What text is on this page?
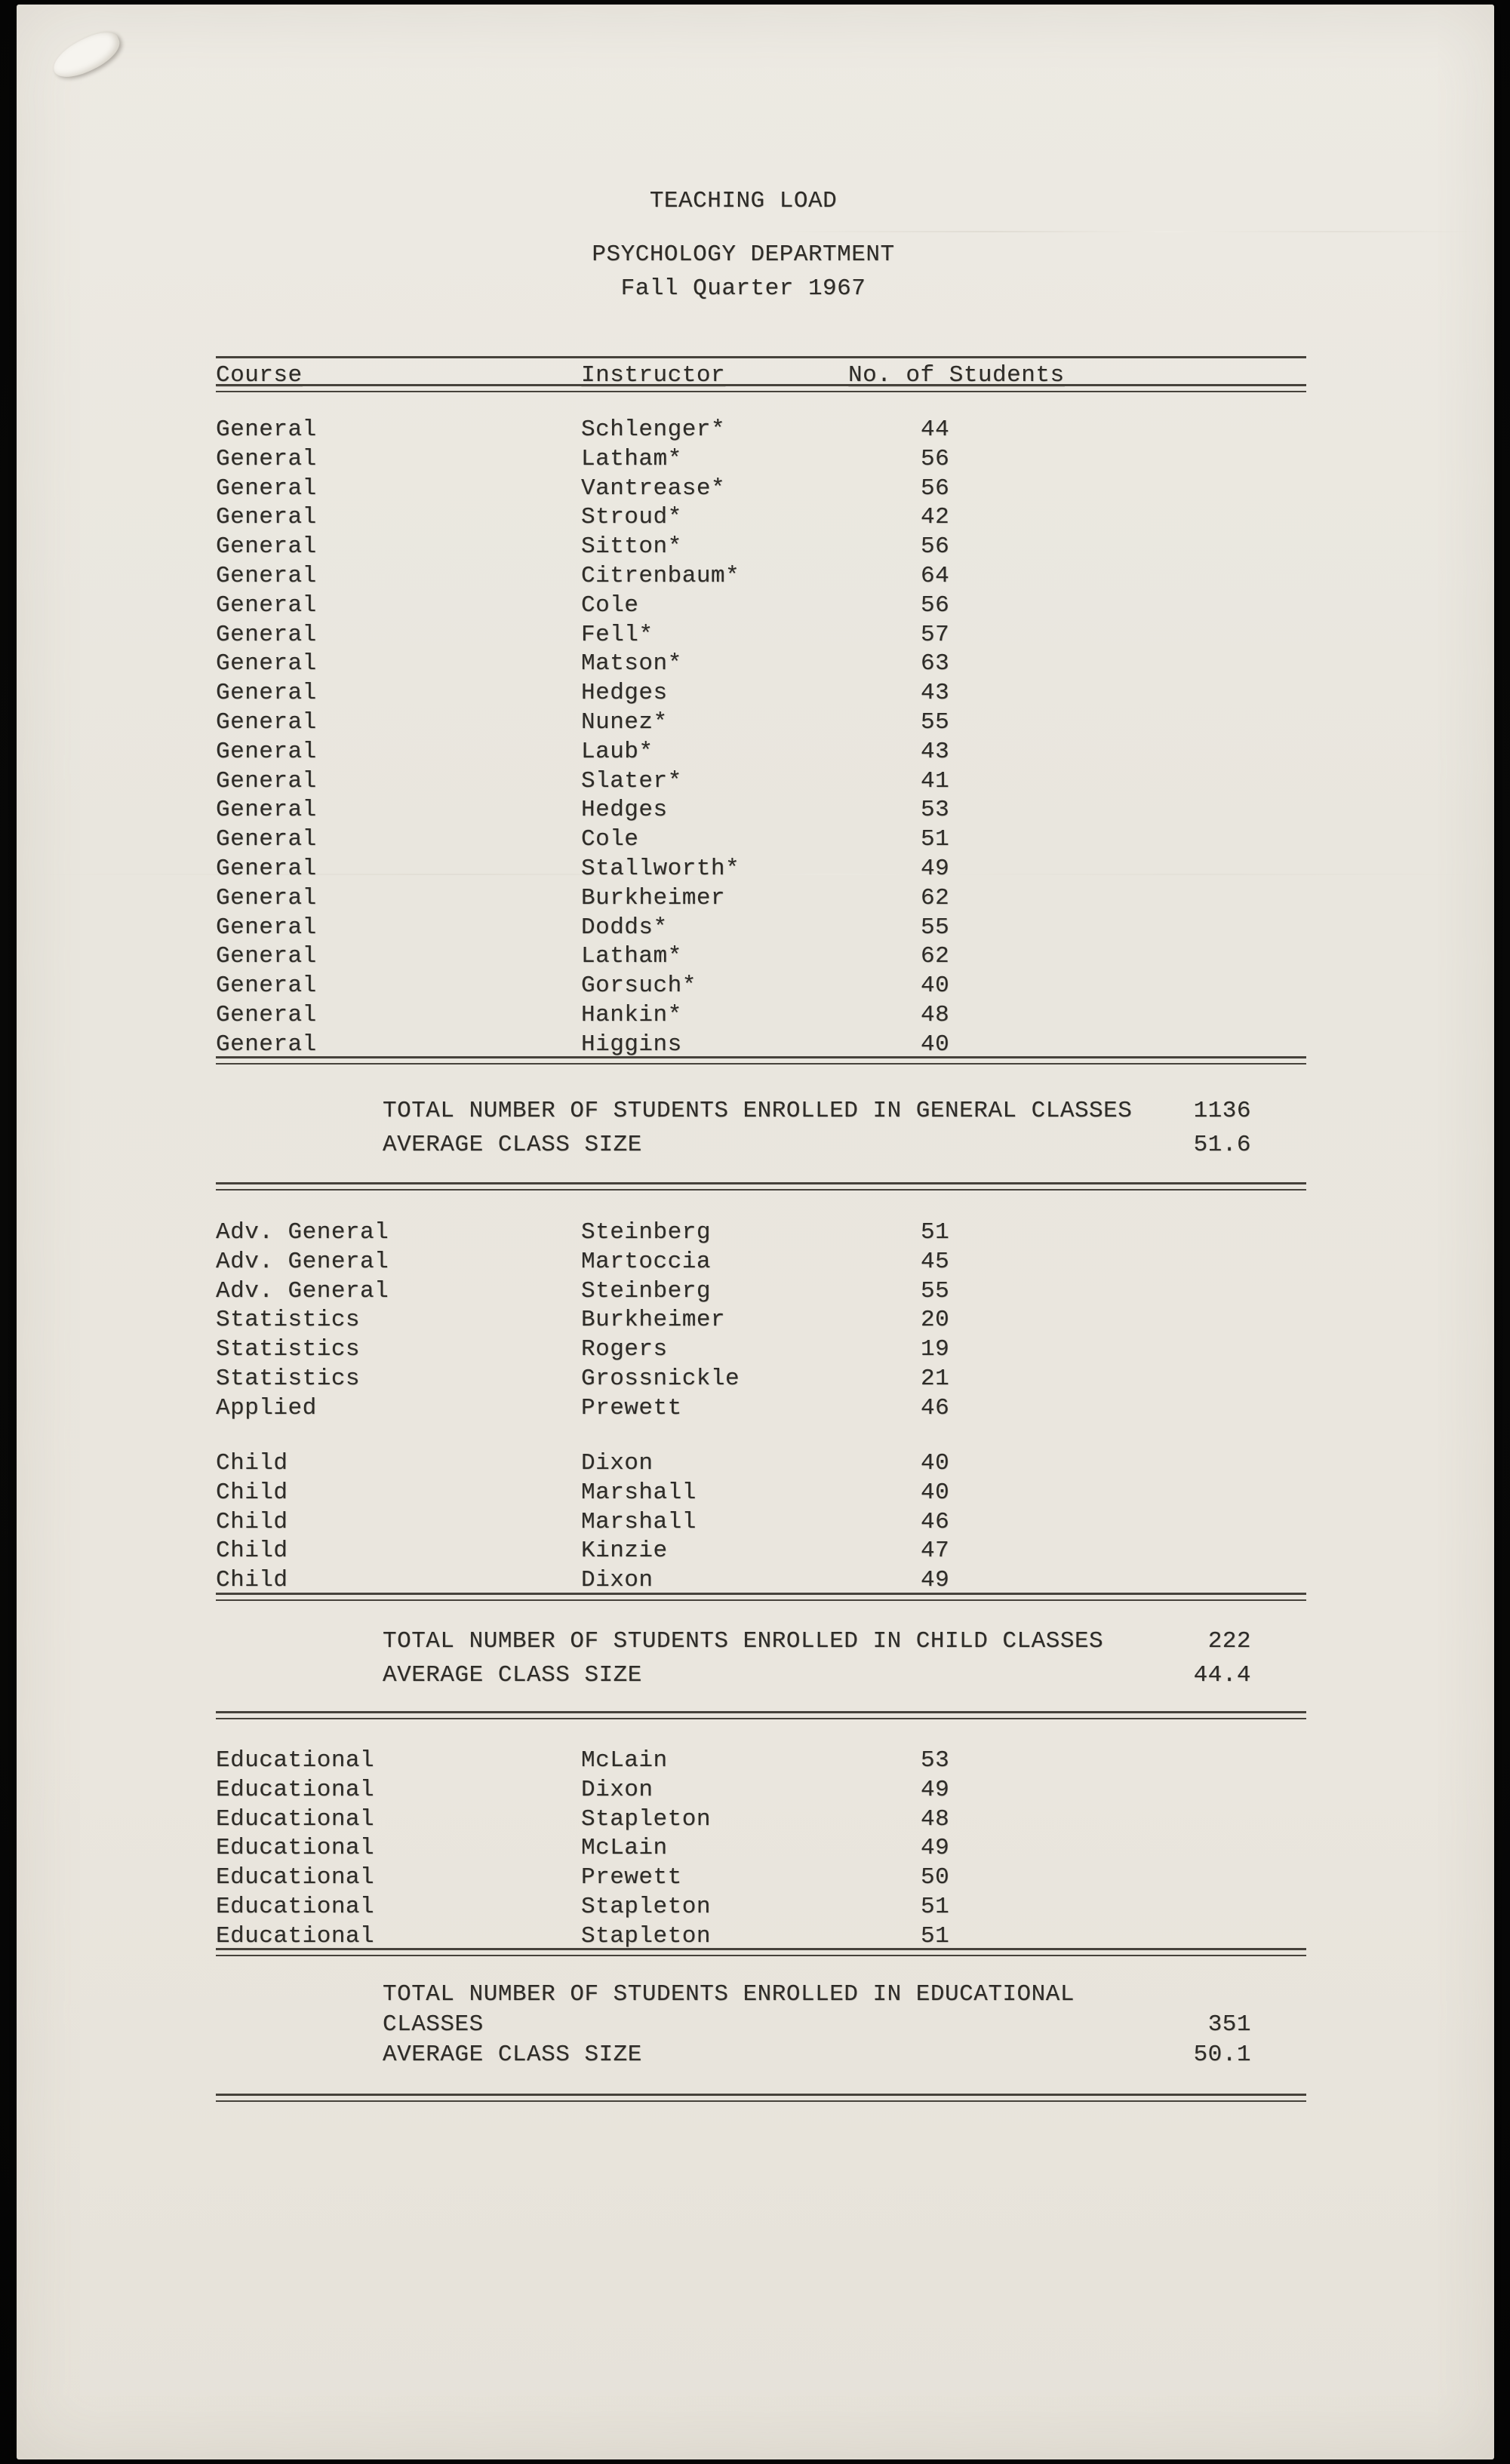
TEACHING LOAD
PSYCHOLOGY DEPARTMENT
Fall Quarter 1967
Course	Instructor	No. of Students
General	Schlenger*	44
General	Latham*	56
General	Vantrease*	56
General	Stroud*	42
General	Sitton*	56
General	Citrenbaum*	64
General	Cole	56
General	Fell*	57
General	Matson*	63
General	Hedges	43
General	Nunez*	55
General	Laub*	43
General	Slater*	41
General	Hedges	53
General	Cole	51
General	Stallworth*	49
General	Burkheimer	62
General	Dodds*	55
General	Latham*	62
General	Gorsuch*	40
General	Hankin*	48
General	Higgins	40
TOTAL NUMBER OF STUDENTS ENROLLED IN GENERAL CLASSES	1136
AVERAGE CLASS SIZE	51.6
Adv. General	Steinberg	51
Adv. General	Martoccia	45
Adv. General	Steinberg	55
Statistics	Burkheimer	20
Statistics	Rogers	19
Statistics	Grossnickle	21
Applied	Prewett	46
Child	Dixon	40
Child	Marshall	40
Child	Marshall	46
Child	Kinzie	47
Child	Dixon	49
TOTAL NUMBER OF STUDENTS ENROLLED IN CHILD CLASSES	222
AVERAGE CLASS SIZE	44.4
Educational	McLain	53
Educational	Dixon	49
Educational	Stapleton	48
Educational	McLain	49
Educational	Prewett	50
Educational	Stapleton	51
Educational	Stapleton	51
TOTAL NUMBER OF STUDENTS ENROLLED IN EDUCATIONAL
CLASSES	351
AVERAGE CLASS SIZE	50.1
